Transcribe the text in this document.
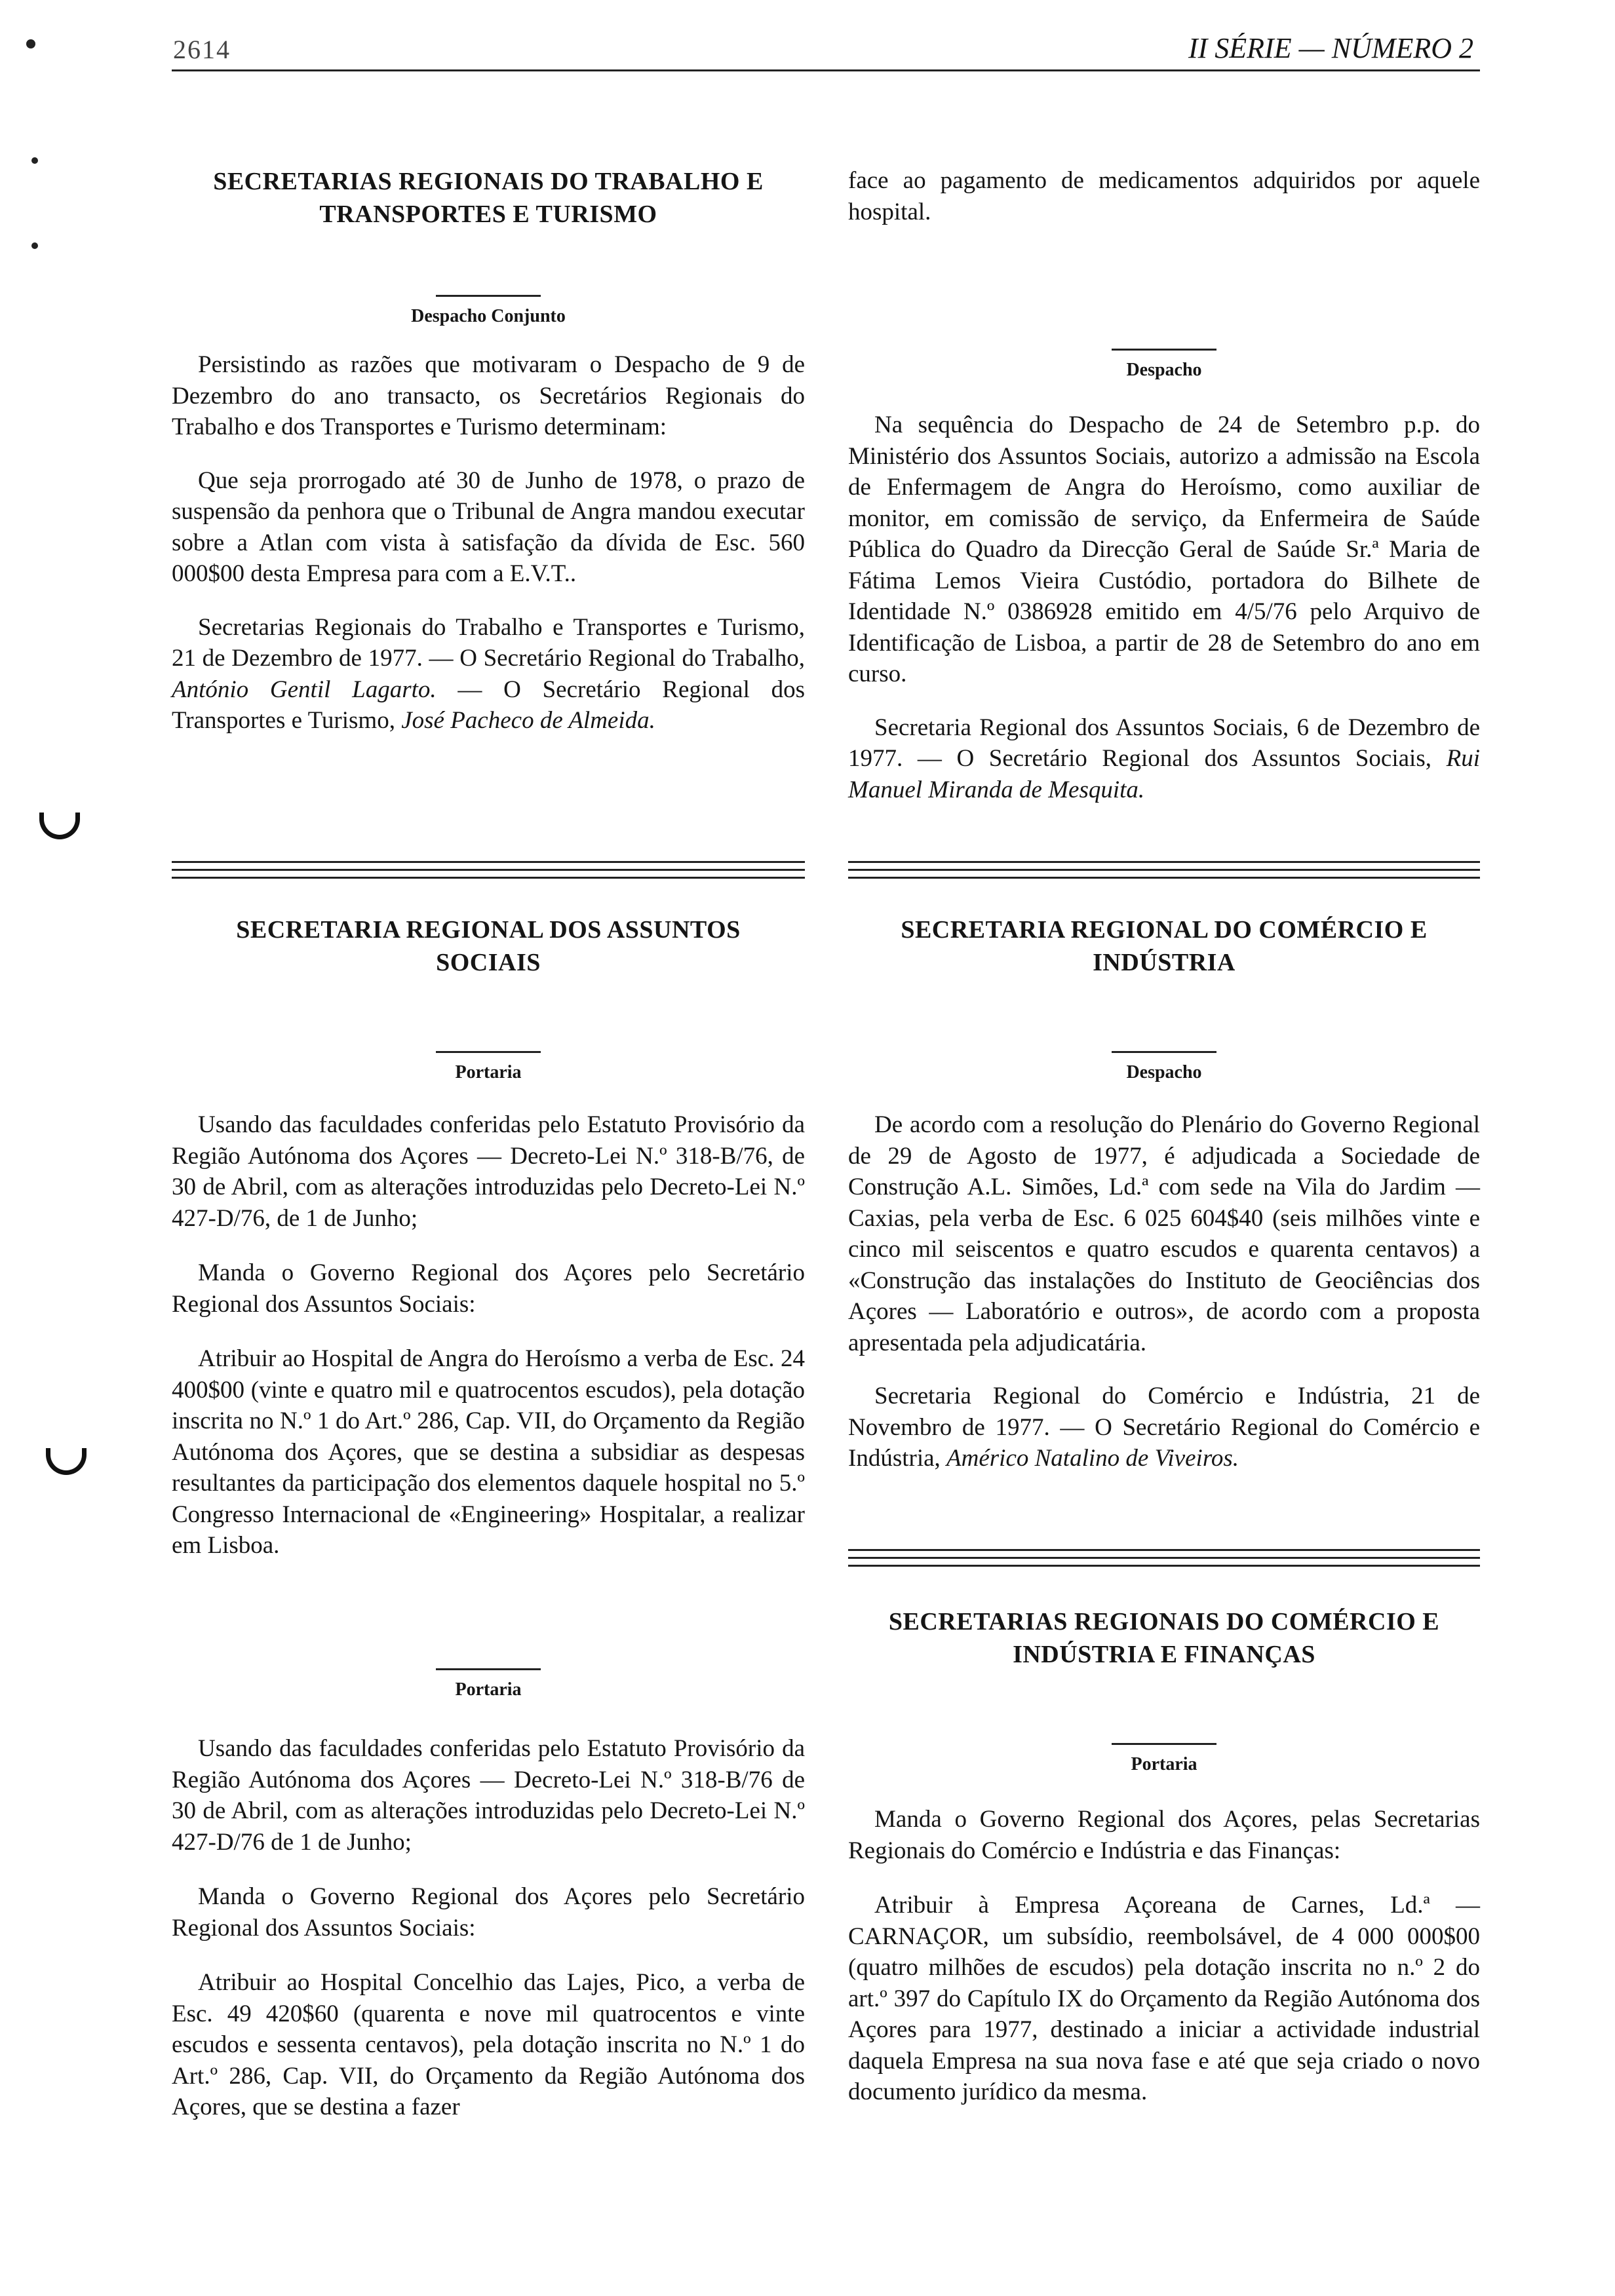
2614	II SÉRIE — NÚMERO 2
SECRETARIAS REGIONAIS DO TRABALHO E
TRANSPORTES E TURISMO
Despacho Conjunto

Persistindo as razões que motivaram o Despacho de 9 de Dezembro do ano transacto, os Secretários Regionais do Trabalho e dos Transportes e Turismo determinam:

Que seja prorrogado até 30 de Junho de 1978, o prazo de suspensão da penhora que o Tribunal de Angra mandou executar sobre a Atlan com vista à satisfação da dívida de Esc. 560 000$00 desta Empresa para com a E.V.T..

Secretarias Regionais do Trabalho e Transportes e Turismo, 21 de Dezembro de 1977. — O Secretário Regional do Trabalho, António Gentil Lagarto. — O Secretário Regional dos Transportes e Turismo, José Pacheco de Almeida.

SECRETARIA REGIONAL DOS ASSUNTOS
SOCIAIS
Portaria

Usando das faculdades conferidas pelo Estatuto Provisório da Região Autónoma dos Açores — Decreto-Lei N.º 318-B/76, de 30 de Abril, com as alterações introduzidas pelo Decreto-Lei N.º 427-D/76, de 1 de Junho;

Manda o Governo Regional dos Açores pelo Secretário Regional dos Assuntos Sociais:

Atribuir ao Hospital de Angra do Heroísmo a verba de Esc. 24 400$00 (vinte e quatro mil e quatrocentos escudos), pela dotação inscrita no N.º 1 do Art.º 286, Cap. VII, do Orçamento da Região Autónoma dos Açores, que se destina a subsidiar as despesas resultantes da participação dos elementos daquele hospital no 5.º Congresso Internacional de «Engineering» Hospitalar, a realizar em Lisboa.

Portaria

Usando das faculdades conferidas pelo Estatuto Provisório da Região Autónoma dos Açores — Decreto-Lei N.º 318-B/76 de 30 de Abril, com as alterações introduzidas pelo Decreto-Lei N.º 427-D/76 de 1 de Junho;

Manda o Governo Regional dos Açores pelo Secretário Regional dos Assuntos Sociais:

Atribuir ao Hospital Concelhio das Lajes, Pico, a verba de Esc. 49 420$60 (quarenta e nove mil quatrocentos e vinte escudos e sessenta centavos), pela dotação inscrita no N.º 1 do Art.º 286, Cap. VII, do Orçamento da Região Autónoma dos Açores, que se destina a fazer

face ao pagamento de medicamentos adquiridos por aquele hospital.

Despacho

Na sequência do Despacho de 24 de Setembro p.p. do Ministério dos Assuntos Sociais, autorizo a admissão na Escola de Enfermagem de Angra do Heroísmo, como auxiliar de monitor, em comissão de serviço, da Enfermeira de Saúde Pública do Quadro da Direcção Geral de Saúde Sr.ª Maria de Fátima Lemos Vieira Custódio, portadora do Bilhete de Identidade N.º 0386928 emitido em 4/5/76 pelo Arquivo de Identificação de Lisboa, a partir de 28 de Setembro do ano em curso.

Secretaria Regional dos Assuntos Sociais, 6 de Dezembro de 1977. — O Secretário Regional dos Assuntos Sociais, Rui Manuel Miranda de Mesquita.

SECRETARIA REGIONAL DO COMÉRCIO E
INDÚSTRIA
Despacho

De acordo com a resolução do Plenário do Governo Regional de 29 de Agosto de 1977, é adjudicada a Sociedade de Construção A.L. Simões, Ld.ª com sede na Vila do Jardim — Caxias, pela verba de Esc. 6 025 604$40 (seis milhões vinte e cinco mil seiscentos e quatro escudos e quarenta centavos) a «Construção das instalações do Instituto de Geociências dos Açores — Laboratório e outros», de acordo com a proposta apresentada pela adjudicatária.

Secretaria Regional do Comércio e Indústria, 21 de Novembro de 1977. — O Secretário Regional do Comércio e Indústria, Américo Natalino de Viveiros.

SECRETARIAS REGIONAIS DO COMÉRCIO E
INDÚSTRIA E FINANÇAS
Portaria

Manda o Governo Regional dos Açores, pelas Secretarias Regionais do Comércio e Indústria e das Finanças:

Atribuir à Empresa Açoreana de Carnes, Ld.ª — CARNAÇOR, um subsídio, reembolsável, de 4 000 000$00 (quatro milhões de escudos) pela dotação inscrita no n.º 2 do art.º 397 do Capítulo IX do Orçamento da Região Autónoma dos Açores para 1977, destinado a iniciar a actividade industrial daquela Empresa na sua nova fase e até que seja criado o novo documento jurídico da mesma.
